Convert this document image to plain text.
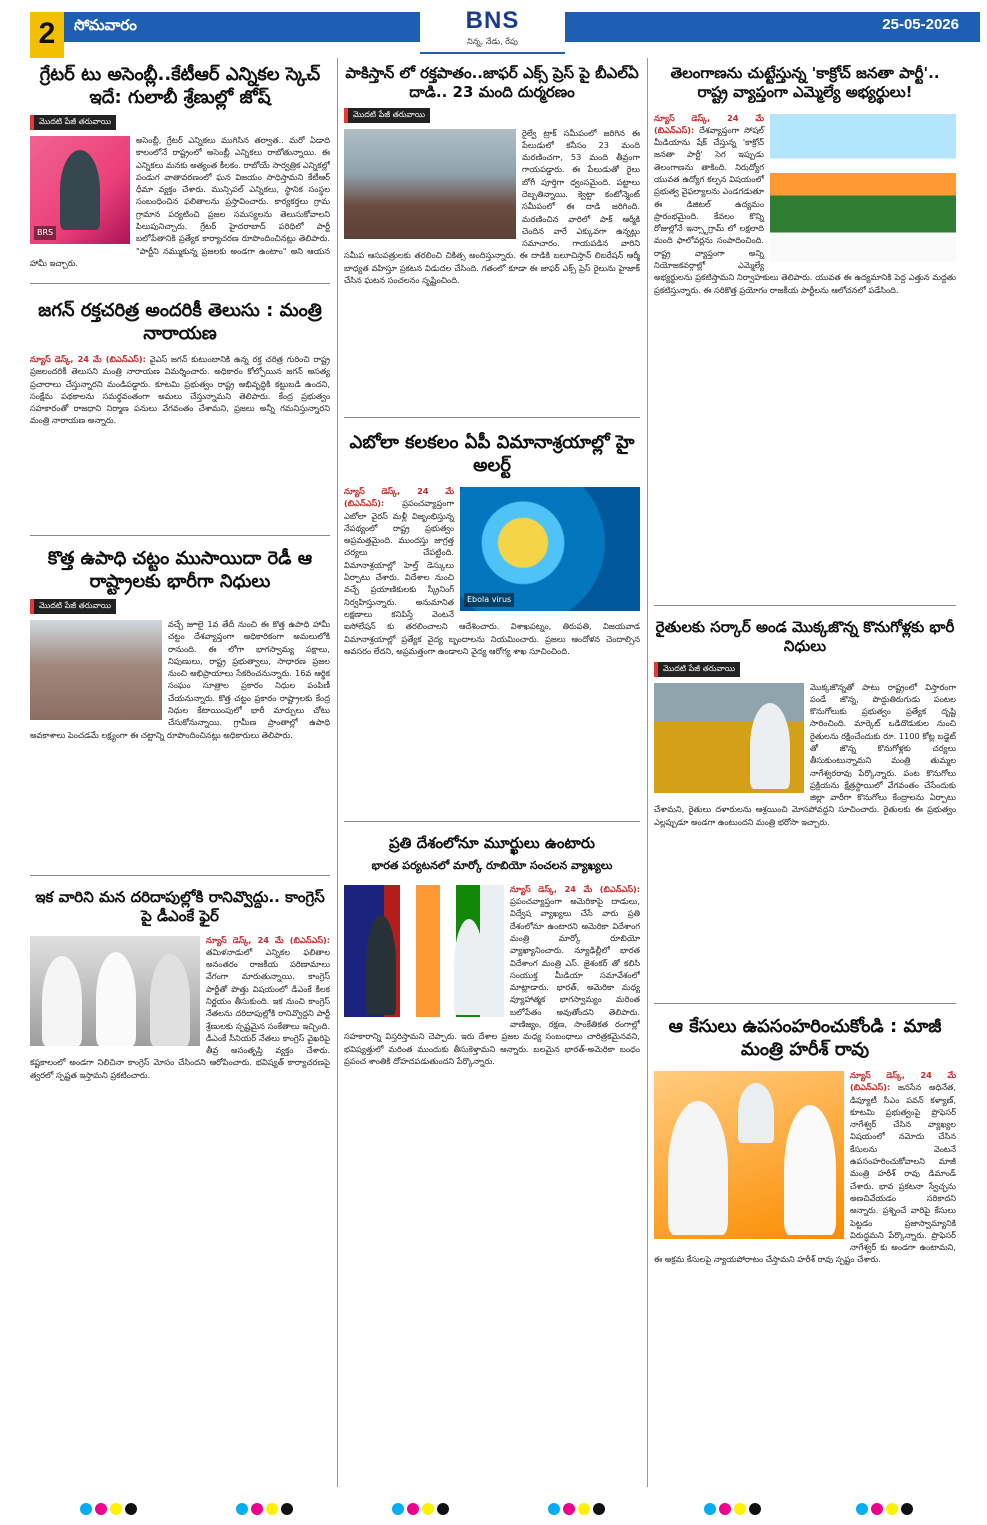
2	సోమవారం	BNS
నిన్న, నేడు, రేపు
25-05-2026
గ్రేటర్ టు అసెంబ్లీ..కేటీఆర్ ఎన్నికల స్కెచ్ ఇదే: గులాబీ శ్రేణుల్లో జోష్
మొదటి పేజీ తరువాయి
BRS

అసెంబ్లీ, గ్రేటర్ ఎన్నికలు ముగిసిన తర్వాత.. మరో ఏడాది కాలంలోనే రాష్ట్రంలో అసెంబ్లీ ఎన్నికలు రాబోతున్నాయి. ఈ ఎన్నికలు మనకు అత్యంత కీలకం. రాబోయే సార్వత్రిక ఎన్నికల్లో పండుగ వాతావరణంలో ఘన విజయం సాధిస్తామని కేటీఆర్ ధీమా వ్యక్తం చేశారు. మున్సిపల్ ఎన్నికలు, స్థానిక సంస్థల సంబంధించిన ఫలితాలను ప్రస్తావించారు. కార్యకర్తలు గ్రామ గ్రామాన పర్యటించి ప్రజల సమస్యలను తెలుసుకోవాలని పిలుపునిచ్చారు. గ్రేటర్ హైదరాబాద్ పరిధిలో పార్టీ బలోపేతానికి ప్రత్యేక కార్యాచరణ రూపొందించినట్లు తెలిపారు. "పార్టీని నమ్ముకున్న ప్రజలకు అండగా ఉంటాం" అని ఆయన హామీ ఇచ్చారు.

జగన్ రక్తచరిత్ర అందరికీ తెలుసు : మంత్రి నారాయణ

న్యూస్ డెస్క్, 24 మే (బిఎన్ఎస్): వైఎస్ జగన్ కుటుంబానికి ఉన్న రక్త చరిత్ర గురించి రాష్ట్ర ప్రజలందరికీ తెలుసని మంత్రి నారాయణ విమర్శించారు. అధికారం కోల్పోయిన జగన్ అసత్య ప్రచారాలు చేస్తున్నారని మండిపడ్డారు. కూటమి ప్రభుత్వం రాష్ట్ర అభివృద్ధికి కట్టుబడి ఉందని, సంక్షేమ పథకాలను సమర్థవంతంగా అమలు చేస్తున్నామని తెలిపారు. కేంద్ర ప్రభుత్వం సహకారంతో రాజధాని నిర్మాణ పనులు వేగవంతం చేశామని, ప్రజలు అన్నీ గమనిస్తున్నారని మంత్రి నారాయణ అన్నారు.

కొత్త ఉపాధి చట్టం ముసాయిదా రెడీ ఆ రాష్ట్రాలకు భారీగా నిధులు
మొదటి పేజీ తరువాయి

వచ్చే జూలై 1వ తేదీ నుంచి ఈ కొత్త ఉపాధి హామీ చట్టం దేశవ్యాప్తంగా అధికారికంగా అమలులోకి రానుంది. ఈ లోగా భాగస్వామ్య పక్షాలు, నిపుణులు, రాష్ట్ర ప్రభుత్వాలు, సాధారణ ప్రజల నుంచి అభిప్రాయాలు సేకరించనున్నారు. 16వ ఆర్థిక సంఘం సూత్రాల ప్రకారం నిధుల పంపిణీ చేయనున్నారు. కొత్త చట్టం ప్రకారం రాష్ట్రాలకు కేంద్ర నిధుల కేటాయింపులో భారీ మార్పులు చోటు చేసుకోనున్నాయి. గ్రామీణ ప్రాంతాల్లో ఉపాధి అవకాశాలు పెంచడమే లక్ష్యంగా ఈ చట్టాన్ని రూపొందించినట్లు అధికారులు తెలిపారు.

ఇక వారిని మన దరిదాపుల్లోకి రానివ్వొద్దు.. కాంగ్రెస్ పై డీఎంకే ఫైర్

న్యూస్ డెస్క్, 24 మే (బిఎన్ఎస్): తమిళనాడులో ఎన్నికల ఫలితాల అనంతరం రాజకీయ పరిణామాలు వేగంగా మారుతున్నాయి. కాంగ్రెస్ పార్టీతో పొత్తు విషయంలో డీఎంకే కీలక నిర్ణయం తీసుకుంది. ఇక నుంచి కాంగ్రెస్ నేతలను దరిదాపుల్లోకి రానివ్వొద్దని పార్టీ శ్రేణులకు స్పష్టమైన సంకేతాలు ఇచ్చింది. డీఎంకే సీనియర్ నేతలు కాంగ్రెస్ వైఖరిపై తీవ్ర అసంతృప్తి వ్యక్తం చేశారు. కష్టకాలంలో అండగా నిలిచినా కాంగ్రెస్ మోసం చేసిందని ఆరోపించారు. భవిష్యత్ కార్యాచరణపై త్వరలో స్పష్టత ఇస్తామని ప్రకటించారు.

పాకిస్తాన్ లో రక్తపాతం..జాఫర్ ఎక్స్ ప్రెస్ పై బీఎల్ఏ దాడి.. 23 మంది దుర్మరణం
మొదటి పేజీ తరువాయి

రైల్వే ట్రాక్ సమీపంలో జరిగిన ఈ పేలుడులో కనీసం 23 మంది మరణించగా, 53 మంది తీవ్రంగా గాయపడ్డారు. ఈ పేలుడుతో రైలు బోగీ పూర్తిగా ధ్వంసమైంది. పట్టాలు దెబ్బతిన్నాయి. క్వెట్టా కంటోన్మెంట్ సమీపంలో ఈ దాడి జరిగింది. మరణించిన వారిలో పాక్ ఆర్మీకి చెందిన వారే ఎక్కువగా ఉన్నట్లు సమాచారం. గాయపడిన వారిని సమీప ఆసుపత్రులకు తరలించి చికిత్స అందిస్తున్నారు. ఈ దాడికి బలూచిస్తాన్ లిబరేషన్ ఆర్మీ బాధ్యత వహిస్తూ ప్రకటన విడుదల చేసింది. గతంలో కూడా ఈ జాఫర్ ఎక్స్ ప్రెస్ రైలును హైజాక్ చేసిన ఘటన సంచలనం సృష్టించింది.

ఎబోలా కలకలం ఏపీ విమానాశ్రయాల్లో హై అలర్ట్
Ebola virus

న్యూస్ డెస్క్, 24 మే (బిఎన్ఎస్): ప్రపంచవ్యాప్తంగా ఎబోలా వైరస్ మళ్లీ విజృంభిస్తున్న నేపథ్యంలో రాష్ట్ర ప్రభుత్వం అప్రమత్తమైంది. ముందస్తు జాగ్రత్త చర్యలు చేపట్టింది. విమానాశ్రయాల్లో హెల్త్ డెస్కులు ఏర్పాటు చేశారు. విదేశాల నుంచి వచ్చే ప్రయాణికులకు స్క్రీనింగ్ నిర్వహిస్తున్నారు. అనుమానిత లక్షణాలు కనిపిస్తే వెంటనే ఐసోలేషన్ కు తరలించాలని ఆదేశించారు. విశాఖపట్నం, తిరుపతి, విజయవాడ విమానాశ్రయాల్లో ప్రత్యేక వైద్య బృందాలను నియమించారు. ప్రజలు ఆందోళన చెందాల్సిన అవసరం లేదని, అప్రమత్తంగా ఉండాలని వైద్య ఆరోగ్య శాఖ సూచించింది.

ప్రతి దేశంలోనూ మూర్ఖులు ఉంటారు
భారత పర్యటనలో మార్కో రూబియో సంచలన వ్యాఖ్యలు

న్యూస్ డెస్క్, 24 మే (బిఎన్ఎస్): ప్రపంచవ్యాప్తంగా అమెరికాపై దాడులు, విద్వేష వ్యాఖ్యలు చేసే వారు ప్రతి దేశంలోనూ ఉంటారని అమెరికా విదేశాంగ మంత్రి మార్కో రూబియో వ్యాఖ్యానించారు. న్యూఢిల్లీలో భారత విదేశాంగ మంత్రి ఎస్. జైశంకర్ తో కలిసి సంయుక్త మీడియా సమావేశంలో మాట్లాడారు. భారత్, అమెరికా మధ్య వ్యూహాత్మక భాగస్వామ్యం మరింత బలోపేతం అవుతోందని తెలిపారు. వాణిజ్యం, రక్షణ, సాంకేతికత రంగాల్లో సహకారాన్ని విస్తరిస్తామని చెప్పారు. ఇరు దేశాల ప్రజల మధ్య సంబంధాలు చారిత్రకమైనవని, భవిష్యత్తులో మరింత ముందుకు తీసుకెళ్తామని అన్నారు. బలమైన భారత్-అమెరికా బంధం ప్రపంచ శాంతికి దోహదపడుతుందని పేర్కొన్నారు.

తెలంగాణను చుట్టేస్తున్న 'కాక్రోచ్ జనతా పార్టీ'.. రాష్ట్ర వ్యాప్తంగా ఎమ్మెల్యే అభ్యర్థులు!

న్యూస్ డెస్క్, 24 మే (బిఎన్ఎస్): దేశవ్యాప్తంగా సోషల్ మీడియాను షేక్ చేస్తున్న 'కాక్రోచ్ జనతా పార్టీ' సెగ ఇప్పుడు తెలంగాణను తాకింది. నిరుద్యోగ యువత ఉద్యోగ కల్పన విషయంలో ప్రభుత్వ వైఫల్యాలను ఎండగడుతూ ఈ డిజిటల్ ఉద్యమం ప్రారంభమైంది. కేవలం కొన్ని రోజుల్లోనే ఇన్స్టాగ్రామ్ లో లక్షలాది మంది ఫాలోవర్లను సంపాదించింది. రాష్ట్ర వ్యాప్తంగా అన్ని నియోజకవర్గాల్లో ఎమ్మెల్యే అభ్యర్థులను ప్రకటిస్తామని నిర్వాహకులు తెలిపారు. యువత ఈ ఉద్యమానికి పెద్ద ఎత్తున మద్దతు ప్రకటిస్తున్నారు. ఈ సరికొత్త ప్రయోగం రాజకీయ పార్టీలను ఆలోచనలో పడేసింది.

రైతులకు సర్కార్ అండ మొక్కజొన్న కొనుగోళ్లకు భారీ నిధులు
మొదటి పేజీ తరువాయి

మొక్కజొన్నతో పాటు రాష్ట్రంలో విస్తారంగా పండే జొన్న, పొద్దుతిరుగుడు పంటల కొనుగోలుకు ప్రభుత్వం ప్రత్యేక దృష్టి సారించింది. మార్కెట్ ఒడిదొడుకుల నుంచి రైతులను రక్షించేందుకు రూ. 1100 కోట్ల బడ్జెట్ తో జొన్న కొనుగోళ్లకు చర్యలు తీసుకుంటున్నామని మంత్రి తుమ్మల నాగేశ్వరరావు పేర్కొన్నారు. పంట కొనుగోలు ప్రక్రియను క్షేత్రస్థాయిలో వేగవంతం చేసేందుకు జిల్లా వారీగా కొనుగోలు కేంద్రాలను ఏర్పాటు చేశామని, రైతులు దళారులను ఆశ్రయించి మోసపోవద్దని సూచించారు. రైతులకు ఈ ప్రభుత్వం ఎల్లప్పుడూ అండగా ఉంటుందని మంత్రి భరోసా ఇచ్చారు.

ఆ కేసులు ఉపసంహరించుకోండి : మాజీ మంత్రి హరీశ్ రావు

న్యూస్ డెస్క్, 24 మే (బిఎన్ఎస్): జనసేన అధినేత, డిప్యూటీ సీఎం పవన్ కళ్యాణ్, కూటమి ప్రభుత్వంపై ప్రొఫెసర్ నాగేశ్వర్ చేసిన వ్యాఖ్యల విషయంలో నమోదు చేసిన కేసులను వెంటనే ఉపసంహరించుకోవాలని మాజీ మంత్రి హరీశ్ రావు డిమాండ్ చేశారు. భావ ప్రకటనా స్వేచ్ఛను అణచివేయడం సరికాదని అన్నారు. ప్రశ్నించే వారిపై కేసులు పెట్టడం ప్రజాస్వామ్యానికి విరుద్ధమని పేర్కొన్నారు. ప్రొఫెసర్ నాగేశ్వర్ కు అండగా ఉంటామని, ఈ అక్రమ కేసులపై న్యాయపోరాటం చేస్తామని హరీశ్ రావు స్పష్టం చేశారు.
